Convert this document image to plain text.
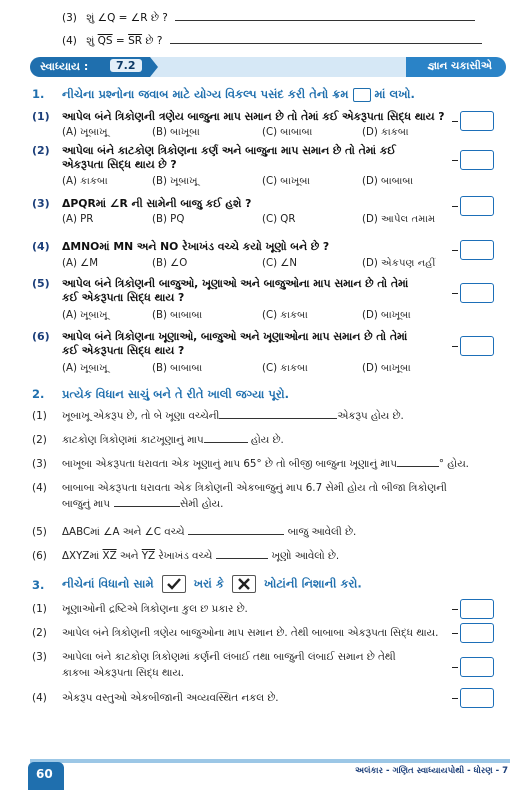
(3) શું ∠Q = ∠R છે ?
(4) શું $\overline{QS} = \overline{SR}$ છે ?
સ્વાધ્યાય :	7.2	જ્ઞાન ચકાસીએ
1. નીચેના પ્રશ્નોના જવાબ માટે યોગ્ય વિકલ્પ પસંદ કરી તેનો ક્રમ માં લખો.
(1) આપેલ બંને ત્રિકોણની ત્રણેય બાજુના માપ સમાન છે તો તેમાં કઈ એકરૂપતા સિદ્ધ થાય ?
(A) ખૂબાખૂ	(B) બાખૂબા	(C) બાબાબા	(D) કાકબા
(2) આપેલા બંને કાટકોણ ત્રિકોણના કર્ણ અને બાજુના માપ સમાન છે તો તેમાં કઈ
એકરૂપતા સિદ્ધ થાય છે ?
(A) કાકબા	(B) ખૂબાખૂ	(C) બાખૂબા	(D) બાબાબા
(3) ΔPQRમાં ∠R ની સામેની બાજુ કઈ હશે ?
(A) PR	(B) PQ	(C) QR	(D) આપેલ તમામ
(4) ΔMNOમાં MN અને NO રેખાખંડ વચ્ચે કયો ખૂણો બને છે ?
(A) ∠M	(B) ∠O	(C) ∠N	(D) એકપણ નહીં
(5) આપેલ બંને ત્રિકોણની બાજુઓ, ખૂણાઓ અને બાજુઓના માપ સમાન છે તો તેમાં
કઈ એકરૂપતા સિદ્ધ થાય ?
(A) ખૂબાખૂ	(B) બાબાબા	(C) કાકબા	(D) બાખૂબા
(6) આપેલ બંને ત્રિકોણના ખૂણાઓ, બાજુઓ અને ખૂણાઓના માપ સમાન છે તો તેમાં
કઈ એકરૂપતા સિદ્ધ થાય ?
(A) ખૂબાખૂ	(B) બાબાબા	(C) કાકબા	(D) બાખૂબા
2. પ્રત્યેક વિધાન સાચું બને તે રીતે ખાલી જગ્યા પૂરો.
(1) ખૂબાખૂ એકરૂપ છે, તો બે ખૂણા વચ્ચેની	એકરૂપ હોય છે.
(2) કાટકોણ ત્રિકોણમાં કાટખૂણાનું માપ	હોય છે.
(3) બાખૂબા એકરૂપતા ધરાવતા એક ખૂણાનું માપ 65° છે તો બીજી બાજુના ખૂણાનું માપ	° હોય.
(4) બાબાબા એકરૂપતા ધરાવતા એક ત્રિકોણની એકબાજુનું માપ 6.7 સેમી હોય તો બીજા ત્રિકોણની
બાજુનું માપ	સેમી હોય.
(5) ΔABCમાં ∠A અને ∠C વચ્ચે	બાજુ આવેલી છે.
(6) ΔXYZમાં $\overline{XZ}$ અને $\overline{YZ}$ રેખાખંડ વચ્ચે	ખૂણો આવેલો છે.
3. નીચેનાં વિધાનો સામે	ખરાં કે	ખોટાંની નિશાની કરો.
(1) ખૂણાઓની દ્રષ્ટિએ ત્રિકોણના કુલ છ પ્રકાર છે.
(2) આપેલ બંને ત્રિકોણની ત્રણેય બાજુઓના માપ સમાન છે. તેથી બાબાબા એકરૂપતા સિદ્ધ થાય.
(3) આપેલા બંને કાટકોણ ત્રિકોણમાં કર્ણની લંબાઈ તથા બાજુની લંબાઈ સમાન છે તેથી
કાકબા એકરૂપતા સિદ્ધ થાય.
(4) એકરૂપ વસ્તુઓ એકબીજાની અવ્યવસ્થિત નકલ છે.
60	અલંકાર - ગણિત સ્વાધ્યાયપોથી - ધોરણ - 7
